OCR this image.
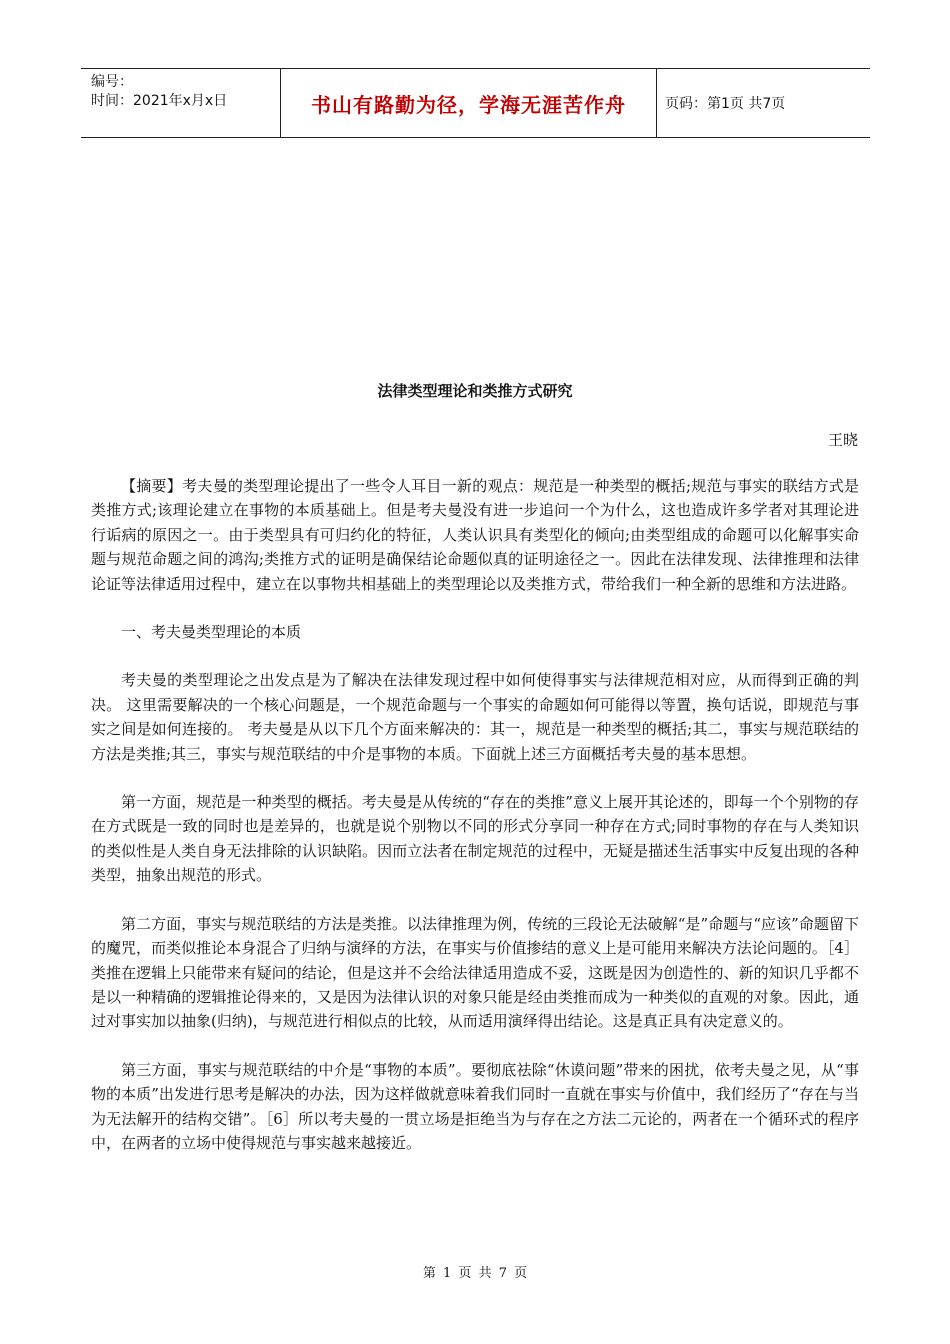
编号：
时间：2021年x月x日	书山有路勤为径，学海无涯苦作舟	页码：第1页 共7页
法律类型理论和类推方式研究
王晓

【摘要】考夫曼的类型理论提出了一些令人耳目一新的观点：规范是一种类型的概括;规范与事实的联结方式是类推方式;该理论建立在事物的本质基础上。但是考夫曼没有进一步追问一个为什么，这也造成许多学者对其理论进行诟病的原因之一。由于类型具有可归约化的特征，人类认识具有类型化的倾向;由类型组成的命题可以化解事实命题与规范命题之间的鸿沟;类推方式的证明是确保结论命题似真的证明途径之一。因此在法律发现、法律推理和法律论证等法律适用过程中，建立在以事物共相基础上的类型理论以及类推方式，带给我们一种全新的思维和方法进路。

一、考夫曼类型理论的本质

考夫曼的类型理论之出发点是为了解决在法律发现过程中如何使得事实与法律规范相对应，从而得到正确的判决。 这里需要解决的一个核心问题是，一个规范命题与一个事实的命题如何可能得以等置，换句话说，即规范与事实之间是如何连接的。 考夫曼是从以下几个方面来解决的：其一，规范是一种类型的概括;其二，事实与规范联结的方法是类推;其三，事实与规范联结的中介是事物的本质。下面就上述三方面概括考夫曼的基本思想。

第一方面，规范是一种类型的概括。考夫曼是从传统的“存在的类推”意义上展开其论述的，即每一个个别物的存在方式既是一致的同时也是差异的，也就是说个别物以不同的形式分享同一种存在方式;同时事物的存在与人类知识的类似性是人类自身无法排除的认识缺陷。因而立法者在制定规范的过程中，无疑是描述生活事实中反复出现的各种类型，抽象出规范的形式。

第二方面，事实与规范联结的方法是类推。以法律推理为例，传统的三段论无法破解“是”命题与“应该”命题留下的魔咒，而类似推论本身混合了归纳与演绎的方法，在事实与价值掺结的意义上是可能用来解决方法论问题的。［4］类推在逻辑上只能带来有疑问的结论，但是这并不会给法律适用造成不妥，这既是因为创造性的、新的知识几乎都不是以一种精确的逻辑推论得来的，又是因为法律认识的对象只能是经由类推而成为一种类似的直观的对象。因此，通过对事实加以抽象(归纳)，与规范进行相似点的比较，从而适用演绎得出结论。这是真正具有决定意义的。

第三方面，事实与规范联结的中介是“事物的本质”。要彻底祛除“休谟问题”带来的困扰，依考夫曼之见，从“事物的本质”出发进行思考是解决的办法，因为这样做就意味着我们同时一直就在事实与价值中，我们经历了“存在与当为无法解开的结构交错”。［6］所以考夫曼的一贯立场是拒绝当为与存在之方法二元论的，两者在一个循环式的程序中，在两者的立场中使得规范与事实越来越接近。

第 1 页 共 7 页
